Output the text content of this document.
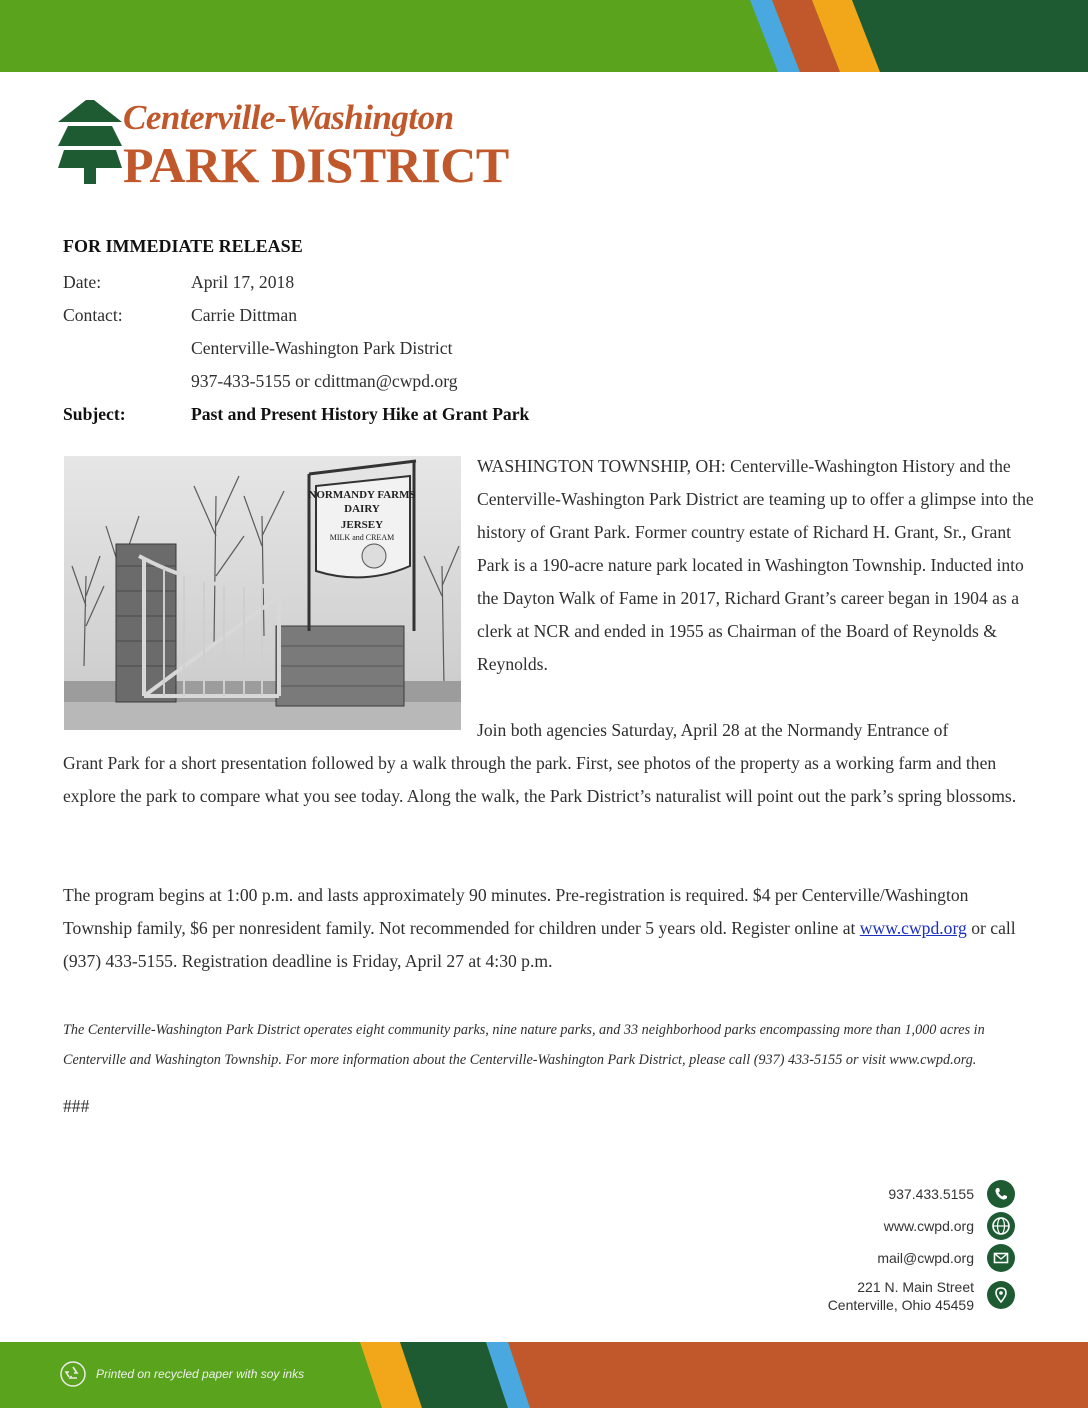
Centerville-Washington
PARK DISTRICT
FOR IMMEDIATE RELEASE
Date:	April 17, 2018
Contact:	Carrie Dittman
Centerville-Washington Park District
937-433-5155 or cdittman@cwpd.org
Subject:	Past and Present History Hike at Grant Park
NORMANDY FARMS
DAIRY
JERSEY
MILK and CREAM
WASHINGTON TOWNSHIP, OH: Centerville-Washington History and the Centerville-Washington Park District are teaming up to offer a glimpse into the history of Grant Park. Former country estate of Richard H. Grant, Sr., Grant Park is a 190-acre nature park located in Washington Township. Inducted into the Dayton Walk of Fame in 2017, Richard Grant’s career began in 1904 as a clerk at NCR and ended in 1955 as Chairman of the Board of Reynolds & Reynolds.
Join both agencies Saturday, April 28 at the Normandy Entrance of
Grant Park for a short presentation followed by a walk through the park. First, see photos of the property as a working farm and then explore the park to compare what you see today. Along the walk, the Park District’s naturalist will point out the park’s spring blossoms.
The program begins at 1:00 p.m. and lasts approximately 90 minutes. Pre-registration is required. $4 per Centerville/Washington Township family, $6 per nonresident family. Not recommended for children under 5 years old. Register online at www.cwpd.org or call (937) 433-5155. Registration deadline is Friday, April 27 at 4:30 p.m.
The Centerville-Washington Park District operates eight community parks, nine nature parks, and 33 neighborhood parks encompassing more than 1,000 acres in Centerville and Washington Township. For more information about the Centerville-Washington Park District, please call (937) 433-5155 or visit www.cwpd.org.
###
937.433.5155
www.cwpd.org
mail@cwpd.org
221 N. Main Street
Centerville, Ohio 45459
Printed on recycled paper with soy inks
